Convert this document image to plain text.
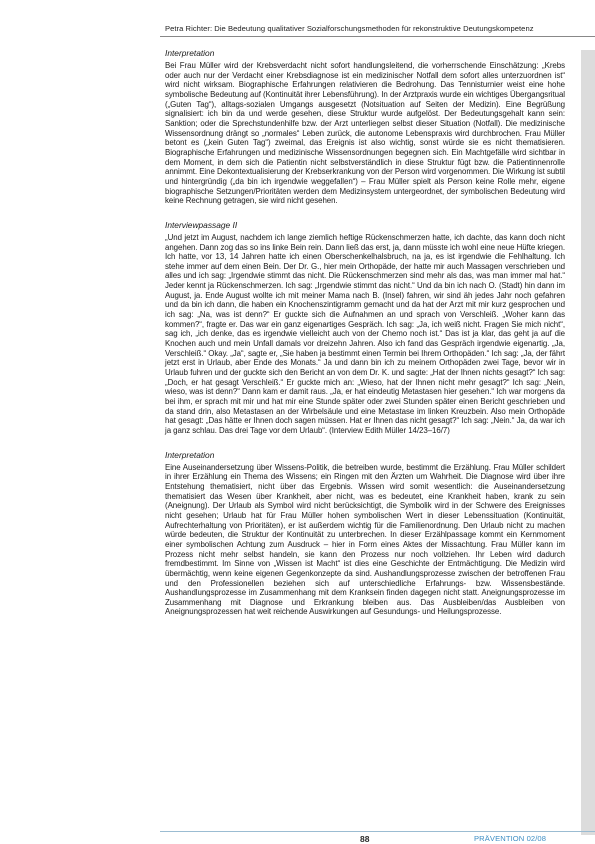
Petra Richter: Die Bedeutung qualitativer Sozialforschungsmethoden für rekonstruktive Deutungskompetenz
Interpretation

Bei Frau Müller wird der Krebsverdacht nicht sofort handlungsleitend, die vorherrschende Einschätzung: „Krebs oder auch nur der Verdacht einer Krebsdiagnose ist ein medizinischer Notfall dem sofort alles unterzuordnen ist“ wird nicht wirksam. Biographische Erfahrungen relativieren die Bedrohung. Das Tennisturnier weist eine hohe symbolische Bedeutung auf (Kontinuität ihrer Lebensführung). In der Arztpraxis wurde ein wichtiges Übergangsritual („Guten Tag“), alltags-sozialen Umgangs ausgesetzt (Notsituation auf Seiten der Medizin). Eine Begrüßung signalisiert: ich bin da und werde gesehen, diese Struktur wurde aufgelöst. Der Bedeutungsgehalt kann sein: Sanktion; oder die Sprechstundenhilfe bzw. der Arzt unterliegen selbst dieser Situation (Notfall). Die medizinische Wissensordnung drängt so „normales“ Leben zurück, die autonome Lebenspraxis wird durchbrochen. Frau Müller betont es („kein Guten Tag“) zweimal, das Ereignis ist also wichtig, sonst würde sie es nicht thematisieren. Biographische Erfahrungen und medizinische Wissensordnungen begegnen sich. Ein Machtgefälle wird sichtbar in dem Moment, in dem sich die Patientin nicht selbstverständlich in diese Struktur fügt bzw. die Patientinnenrolle annimmt. Eine Dekontextualisierung der Krebserkrankung von der Person wird vorgenommen. Die Wirkung ist subtil und hintergründig („da bin ich irgendwie weggefallen“) – Frau Müller spielt als Person keine Rolle mehr, eigene biographische Setzungen/Prioritäten werden dem Medizinsystem untergeordnet, der symbolischen Bedeutung wird keine Rechnung getragen, sie wird nicht gesehen.

Interviewpassage II

„Und jetzt im August, nachdem ich lange ziemlich heftige Rückenschmerzen hatte, ich dachte, das kann doch nicht angehen. Dann zog das so ins linke Bein rein. Dann ließ das erst, ja, dann müsste ich wohl eine neue Hüfte kriegen. Ich hatte, vor 13, 14 Jahren hatte ich einen Oberschenkelhalsbruch, na ja, es ist irgendwie die Fehlhaltung. Ich stehe immer auf dem einen Bein. Der Dr. G., hier mein Orthopäde, der hatte mir auch Massagen verschrieben und alles und ich sag: „Irgendwie stimmt das nicht. Die Rückenschmerzen sind mehr als das, was man immer mal hat.“ Jeder kennt ja Rückenschmerzen. Ich sag: „Irgendwie stimmt das nicht.“ Und da bin ich nach O. (Stadt) hin dann im August, ja. Ende August wollte ich mit meiner Mama nach B. (Insel) fahren, wir sind äh jedes Jahr noch gefahren und da bin ich dann, die haben ein Knochenszintigramm gemacht und da hat der Arzt mit mir kurz gesprochen und ich sag: „Na, was ist denn?“ Er guckte sich die Aufnahmen an und sprach von Verschleiß. „Woher kann das kommen?“, fragte er. Das war ein ganz eigenartiges Gespräch. Ich sag: „Ja, ich weiß nicht. Fragen Sie mich nicht“, sag ich, „ich denke, das es irgendwie vielleicht auch von der Chemo noch ist.“ Das ist ja klar, das geht ja auf die Knochen auch und mein Unfall damals vor dreizehn Jahren. Also ich fand das Gespräch irgendwie eigenartig. „Ja, Verschleiß.“ Okay. „Ja“, sagte er, „Sie haben ja bestimmt einen Termin bei Ihrem Orthopäden.“ Ich sag: „Ja, der fährt jetzt erst in Urlaub, aber Ende des Monats.“ Ja und dann bin ich zu meinem Orthopäden zwei Tage, bevor wir in Urlaub fuhren und der guckte sich den Bericht an von dem Dr. K. und sagte: „Hat der Ihnen nichts gesagt?“ Ich sag: „Doch, er hat gesagt Verschleiß.“ Er guckte mich an: „Wieso, hat der Ihnen nicht mehr gesagt?“ Ich sag: „Nein, wieso, was ist denn?“ Dann kam er damit raus. „Ja, er hat eindeutig Metastasen hier gesehen.“ Ich war morgens da bei ihm, er sprach mit mir und hat mir eine Stunde später oder zwei Stunden später einen Bericht geschrieben und da stand drin, also Metastasen an der Wirbelsäule und eine Metastase im linken Kreuzbein. Also mein Orthopäde hat gesagt: „Das hätte er Ihnen doch sagen müssen. Hat er Ihnen das nicht gesagt?“ Ich sag: „Nein.“ Ja, da war ich ja ganz schlau. Das drei Tage vor dem Urlaub“. (Interview Edith Müller 14/23–16/7)

Interpretation

Eine Auseinandersetzung über Wissens-Politik, die betreiben wurde, bestimmt die Erzählung. Frau Müller schildert in ihrer Erzählung ein Thema des Wissens; ein Ringen mit den Ärzten um Wahrheit. Die Diagnose wird über ihre Entstehung thematisiert, nicht über das Ergebnis. Wissen wird somit wesentlich: die Auseinandersetzung thematisiert das Wesen über Krankheit, aber nicht, was es bedeutet, eine Krankheit haben, krank zu sein (Aneignung). Der Urlaub als Symbol wird nicht berücksichtigt, die Symbolik wird in der Schwere des Ereignisses nicht gesehen; Urlaub hat für Frau Müller hohen symbolischen Wert in dieser Lebenssituation (Kontinuität, Aufrechterhaltung von Prioritäten), er ist außerdem wichtig für die Familienordnung. Den Urlaub nicht zu machen würde bedeuten, die Struktur der Kontinuität zu unterbrechen. In dieser Erzählpassage kommt ein Kernmoment einer symbolischen Achtung zum Ausdruck – hier in Form eines Aktes der Missachtung. Frau Müller kann im Prozess nicht mehr selbst handeln, sie kann den Prozess nur noch vollziehen. Ihr Leben wird dadurch fremdbestimmt. Im Sinne von „Wissen ist Macht“ ist dies eine Geschichte der Entmächtigung. Die Medizin wird übermächtig, wenn keine eigenen Gegenkonzepte da sind. Aushandlungsprozesse zwischen der betroffenen Frau und den Professionellen beziehen sich auf unterschiedliche Erfahrungs- bzw. Wissensbestände. Aushandlungsprozesse im Zusammenhang mit dem Kranksein finden dagegen nicht statt. Aneignungsprozesse im Zusammenhang mit Diagnose und Erkrankung bleiben aus. Das Ausbleiben/das Ausbleiben von Aneignungsprozessen hat weit reichende Auswirkungen auf Gesundungs- und Heilungsprozesse.

88	PRÄVENTION 02/08
